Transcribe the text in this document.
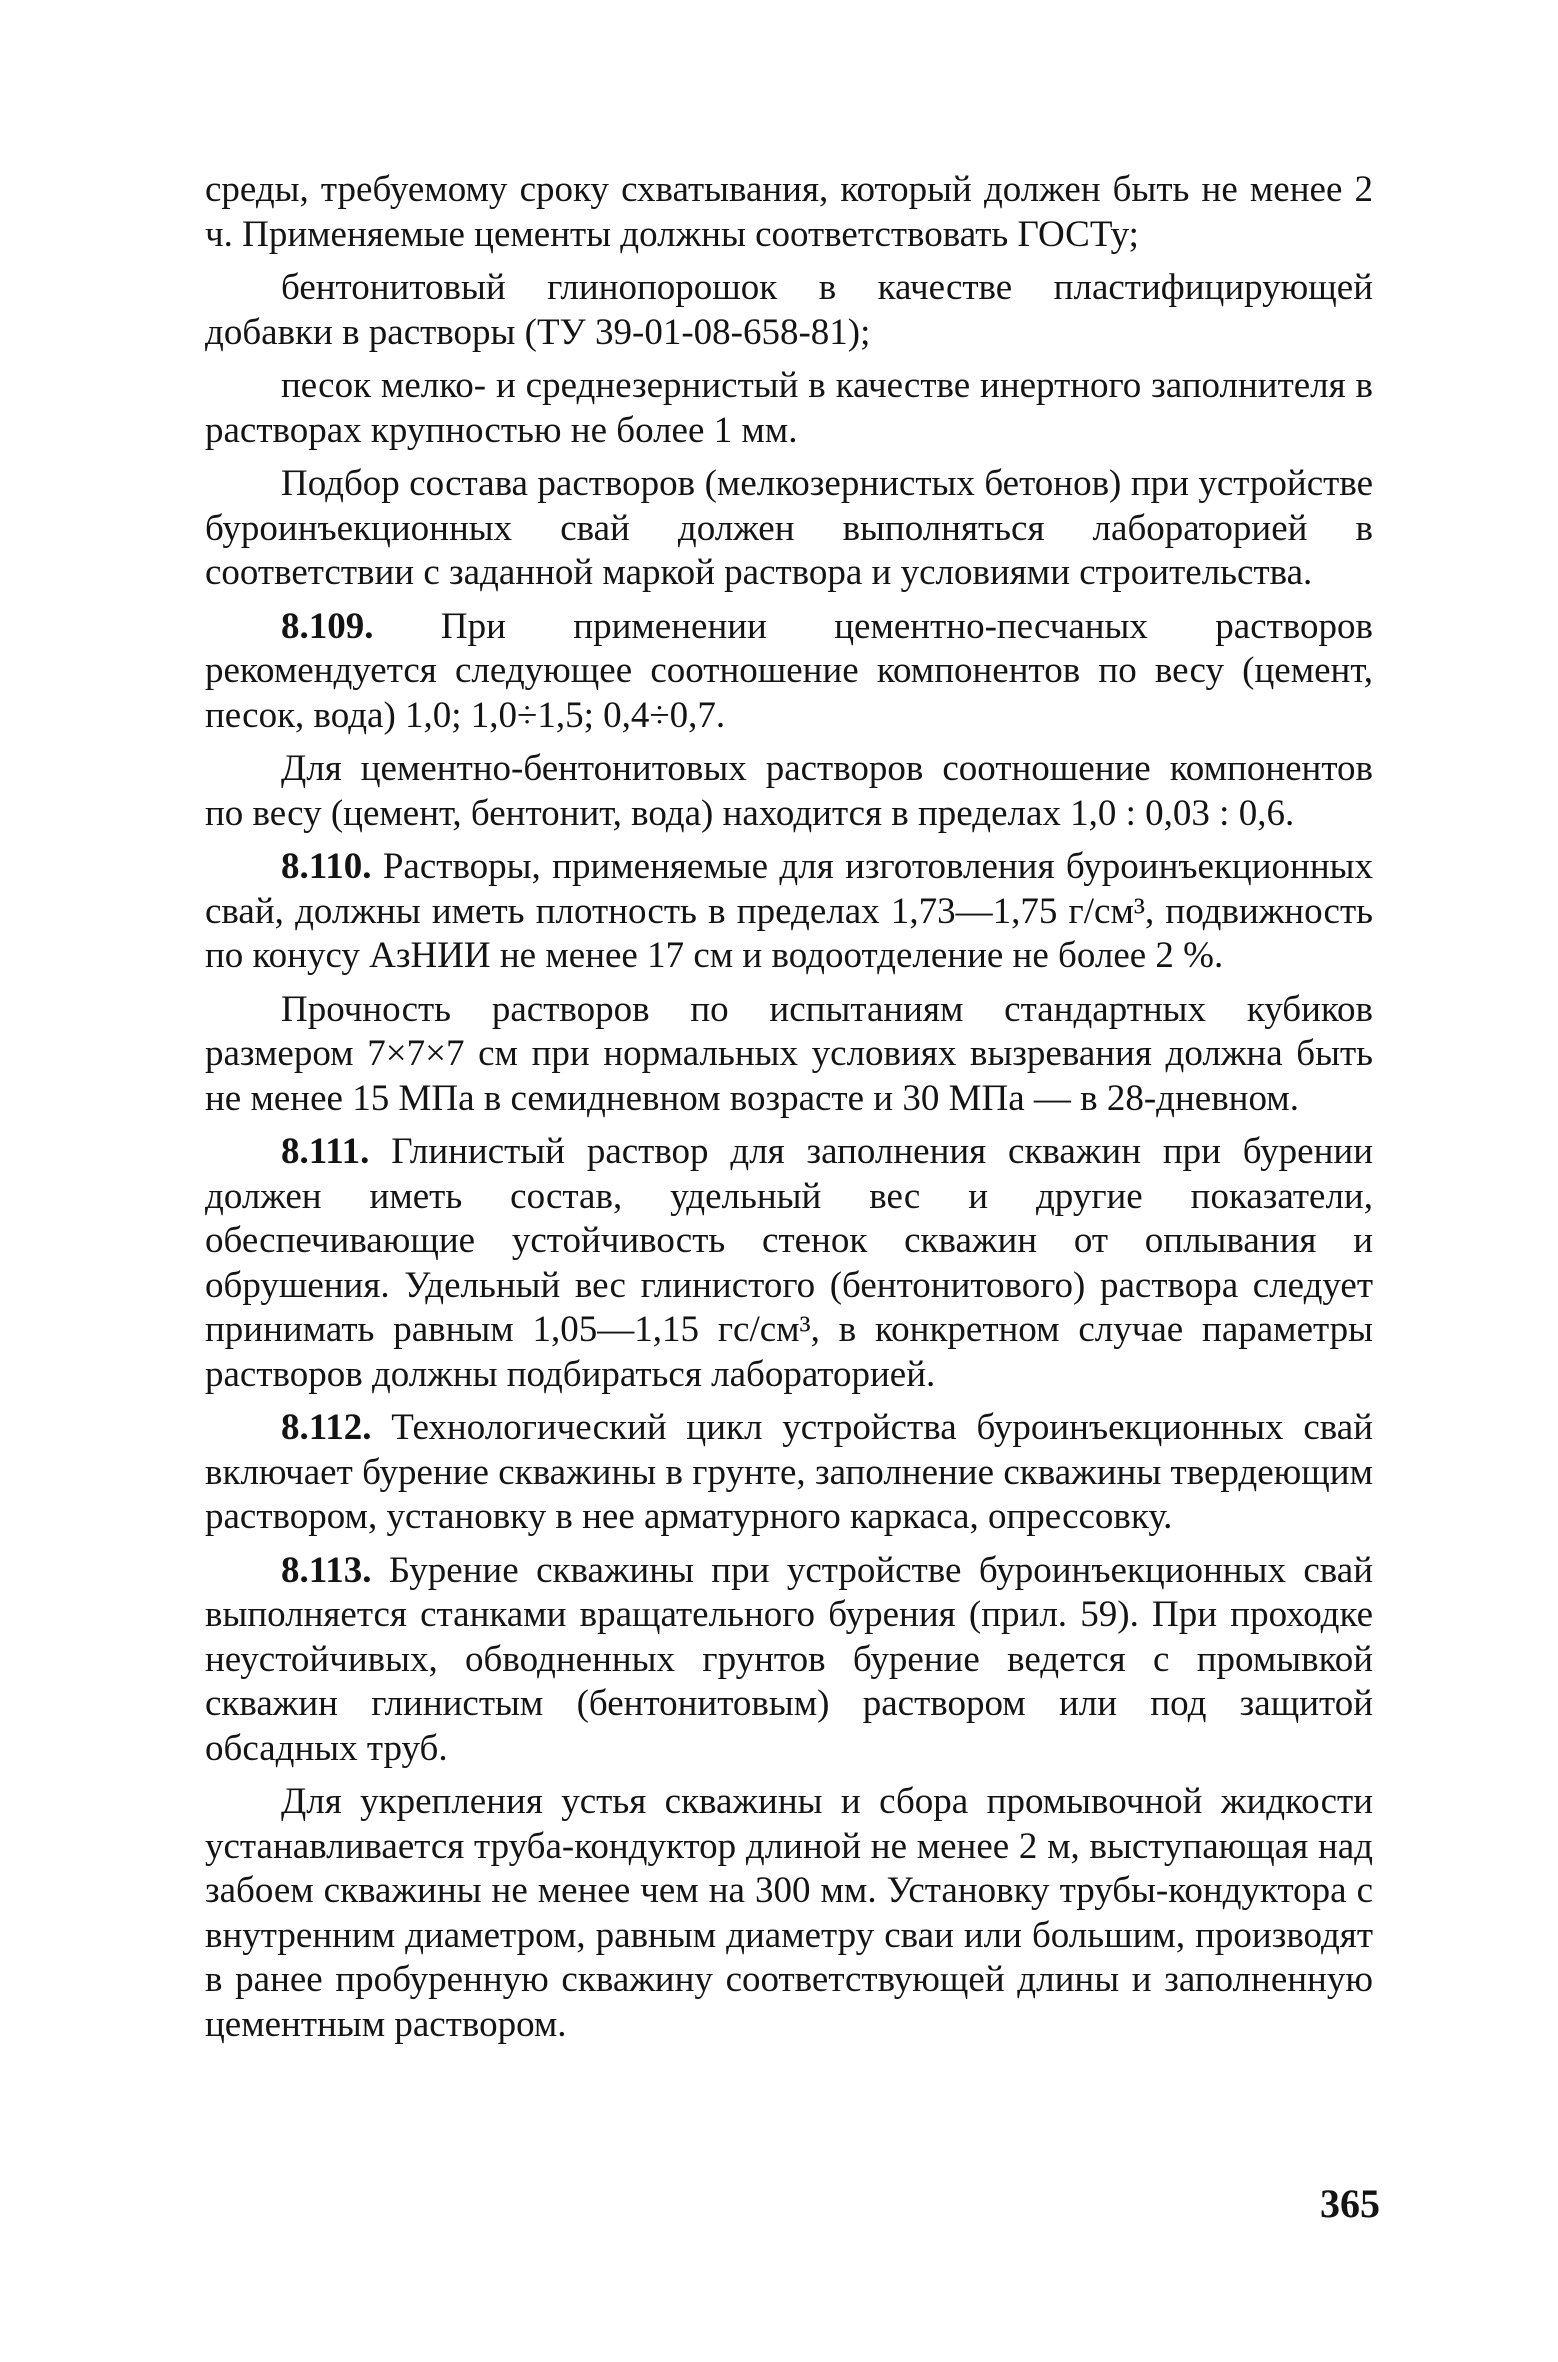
среды, требуемому сроку схватывания, который должен быть не менее 2 ч. Применяемые цементы должны соответствовать ГОСТу;

бентонитовый глинопорошок в качестве пластифицирующей добавки в растворы (ТУ 39-01-08-658-81);

песок мелко- и среднезернистый в качестве инертного заполнителя в растворах крупностью не более 1 мм.

Подбор состава растворов (мелкозернистых бетонов) при устройстве буроинъекционных свай должен выполняться лабораторией в соответствии с заданной маркой раствора и условиями строительства.

8.109. При применении цементно-песчаных растворов рекомендуется следующее соотношение компонентов по весу (цемент, песок, вода) 1,0; 1,0÷1,5; 0,4÷0,7.

Для цементно-бентонитовых растворов соотношение компонентов по весу (цемент, бентонит, вода) находится в пределах 1,0 : 0,03 : 0,6.

8.110. Растворы, применяемые для изготовления буроинъекционных свай, должны иметь плотность в пределах 1,73—1,75 г/см³, подвижность по конусу АзНИИ не менее 17 см и водоотделение не более 2 %.

Прочность растворов по испытаниям стандартных кубиков размером 7×7×7 см при нормальных условиях вызревания должна быть не менее 15 МПа в семидневном возрасте и 30 МПа — в 28-дневном.

8.111. Глинистый раствор для заполнения скважин при бурении должен иметь состав, удельный вес и другие показатели, обеспечивающие устойчивость стенок скважин от оплывания и обрушения. Удельный вес глинистого (бентонитового) раствора следует принимать равным 1,05—1,15 гс/см³, в конкретном случае параметры растворов должны подбираться лабораторией.

8.112. Технологический цикл устройства буроинъекционных свай включает бурение скважины в грунте, заполнение скважины твердеющим раствором, установку в нее арматурного каркаса, опрессовку.

8.113. Бурение скважины при устройстве буроинъекционных свай выполняется станками вращательного бурения (прил. 59). При проходке неустойчивых, обводненных грунтов бурение ведется с промывкой скважин глинистым (бентонитовым) раствором или под защитой обсадных труб.

Для укрепления устья скважины и сбора промывочной жидкости устанавливается труба-кондуктор длиной не менее 2 м, выступающая над забоем скважины не менее чем на 300 мм. Установку трубы-кондуктора с внутренним диаметром, равным диаметру сваи или большим, производят в ранее пробуренную скважину соответствующей длины и заполненную цементным раствором.

365
